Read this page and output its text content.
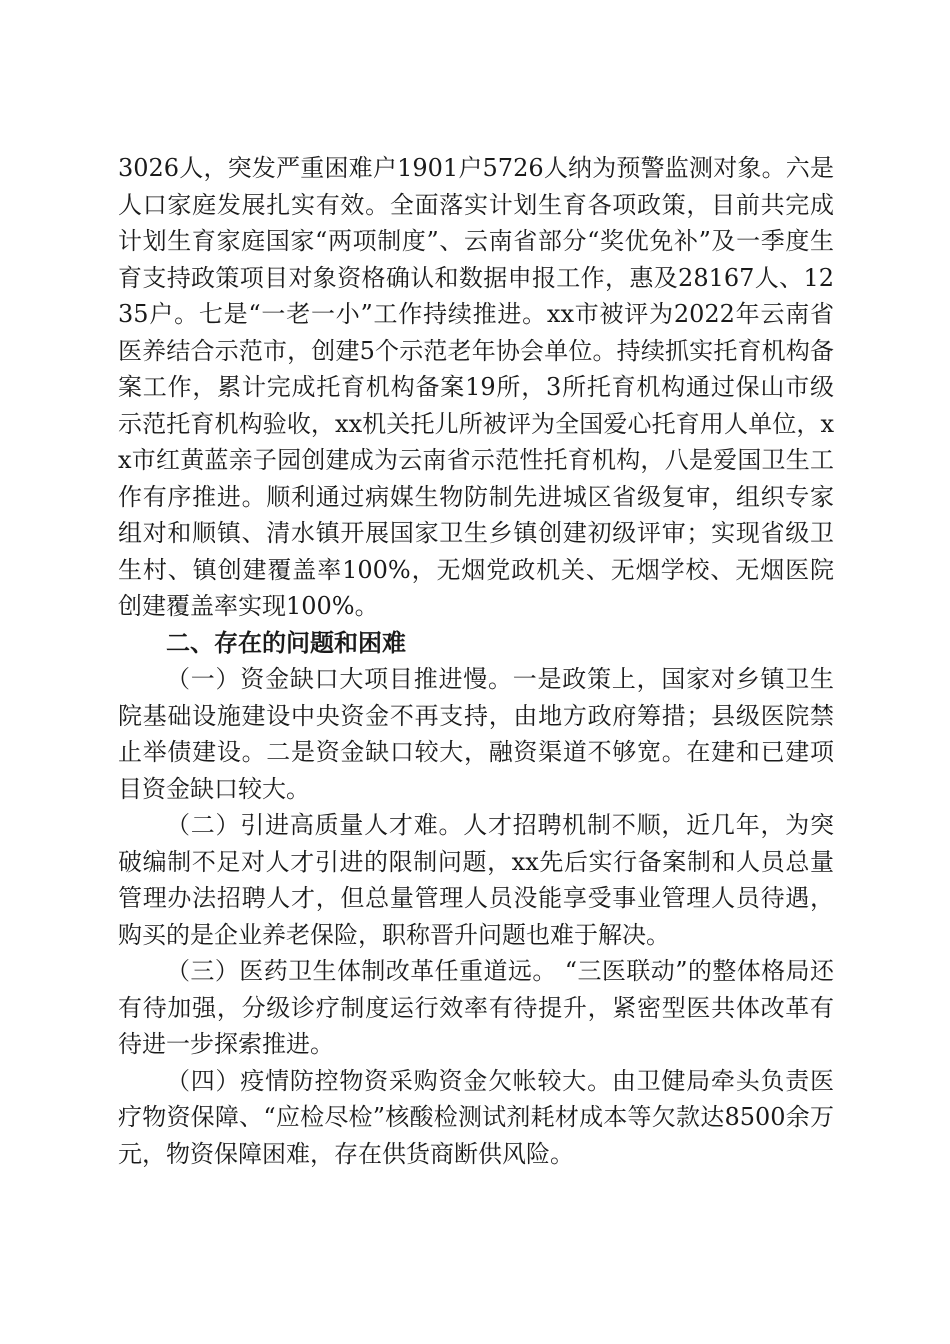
3026人，突发严重困难户1901户5726人纳为预警监测对象。六是人口家庭发展扎实有效。全面落实计划生育各项政策，目前共完成计划生育家庭国家“两项制度”、云南省部分“奖优免补”及一季度生育支持政策项目对象资格确认和数据申报工作，惠及28167人、1235户。七是“一老一小”工作持续推进。xx市被评为2022年云南省医养结合示范市，创建5个示范老年协会单位。持续抓实托育机构备案工作，累计完成托育机构备案19所，3所托育机构通过保山市级示范托育机构验收，xx机关托儿所被评为全国爱心托育用人单位，xx市红黄蓝亲子园创建成为云南省示范性托育机构，八是爱国卫生工作有序推进。顺利通过病媒生物防制先进城区省级复审，组织专家组对和顺镇、清水镇开展国家卫生乡镇创建初级评审；实现省级卫生村、镇创建覆盖率100%，无烟党政机关、无烟学校、无烟医院创建覆盖率实现100%。

二、存在的问题和困难

（一）资金缺口大项目推进慢。一是政策上，国家对乡镇卫生院基础设施建设中央资金不再支持，由地方政府筹措；县级医院禁止举债建设。二是资金缺口较大，融资渠道不够宽。在建和已建项目资金缺口较大。

（二）引进高质量人才难。人才招聘机制不顺，近几年，为突破编制不足对人才引进的限制问题，xx先后实行备案制和人员总量管理办法招聘人才，但总量管理人员没能享受事业管理人员待遇，购买的是企业养老保险，职称晋升问题也难于解决。

（三）医药卫生体制改革任重道远。 “三医联动”的整体格局还有待加强，分级诊疗制度运行效率有待提升，紧密型医共体改革有待进一步探索推进。

（四）疫情防控物资采购资金欠帐较大。由卫健局牵头负责医疗物资保障、“应检尽检”核酸检测试剂耗材成本等欠款达8500余万元，物资保障困难，存在供货商断供风险。
